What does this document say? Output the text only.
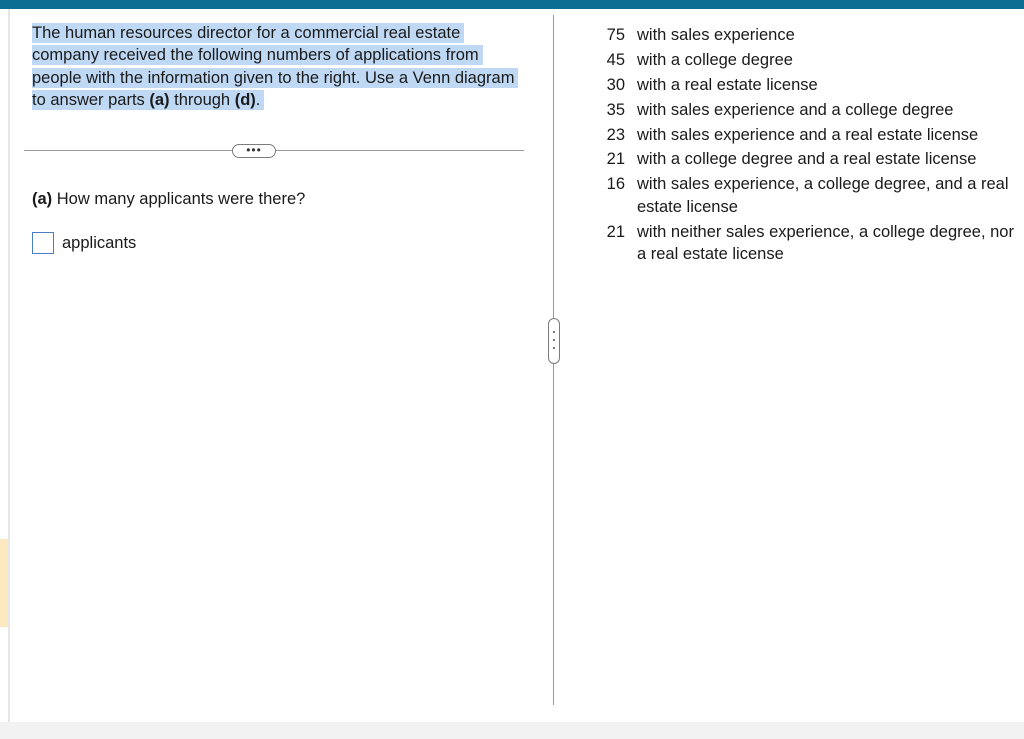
The human resources director for a commercial real estate company received the following numbers of applications from people with the information given to the right. Use a Venn diagram to answer parts (a) through (d).
•••
(a) How many applicants were there?
applicants
75 with sales experience
45 with a college degree
30 with a real estate license
35 with sales experience and a college degree
23 with sales experience and a real estate license
21 with a college degree and a real estate license
16 with sales experience, a college degree, and a real estate license
21 with neither sales experience, a college degree, nor a real estate license
